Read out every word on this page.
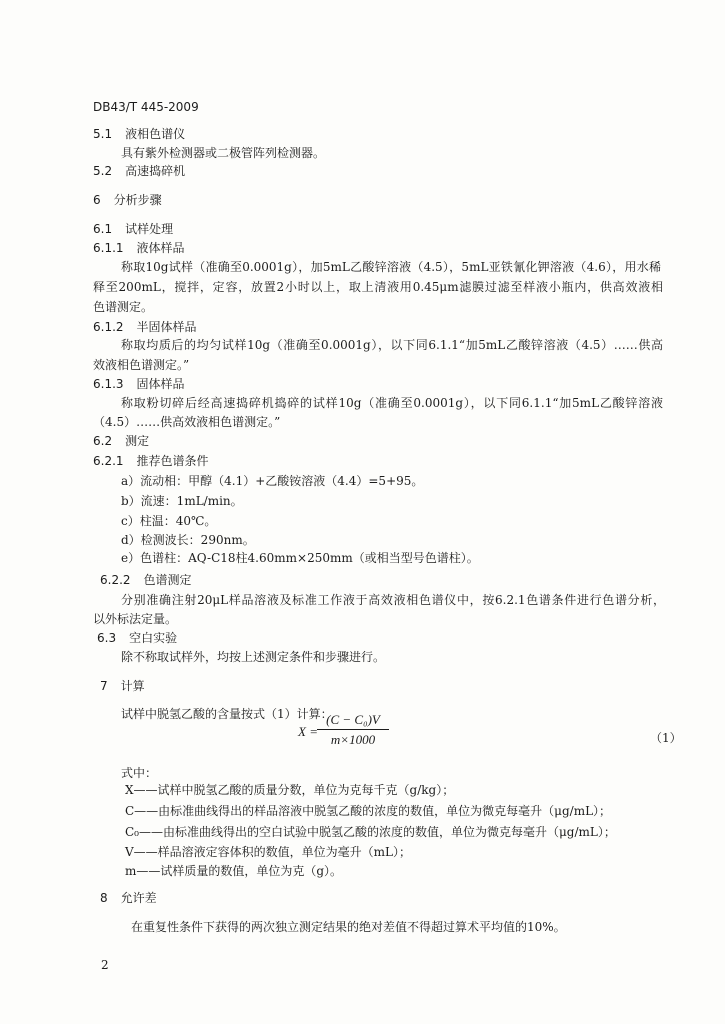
DB43/T 445-2009
5.1 液相色谱仪
具有紫外检测器或二极管阵列检测器。
5.2 高速捣碎机
6 分析步骤
6.1 试样处理
6.1.1 液体样品
称取10g试样（准确至0.0001g），加5mL乙酸锌溶液（4.5），5mL亚铁氰化钾溶液（4.6），用水稀
释至200mL，搅拌，定容，放置2小时以上，取上清液用0.45μm滤膜过滤至样液小瓶内，供高效液相
色谱测定。
6.1.2 半固体样品
称取均质后的均匀试样10g（准确至0.0001g），以下同6.1.1“加5mL乙酸锌溶液（4.5）……供高
效液相色谱测定。”
6.1.3 固体样品
称取粉切碎后经高速捣碎机捣碎的试样10g（准确至0.0001g），以下同6.1.1“加5mL乙酸锌溶液
（4.5）……供高效液相色谱测定。”
6.2 测定
6.2.1 推荐色谱条件
a）流动相：甲醇（4.1）+乙酸铵溶液（4.4）=5+95。
b）流速：1mL/min。
c）柱温：40℃。
d）检测波长：290nm。
e）色谱柱：AQ-C18柱4.60mm×250mm（或相当型号色谱柱）。
6.2.2 色谱测定
分别准确注射20μL样品溶液及标准工作液于高效液相色谱仪中，按6.2.1色谱条件进行色谱分析，
以外标法定量。
6.3 空白实验
除不称取试样外，均按上述测定条件和步骤进行。
7 计算
试样中脱氢乙酸的含量按式（1）计算：
式中：
X——试样中脱氢乙酸的质量分数，单位为克每千克（g/kg）；
C——由标准曲线得出的样品溶液中脱氢乙酸的浓度的数值，单位为微克每毫升（μg/mL）；
C₀——由标准曲线得出的空白试验中脱氢乙酸的浓度的数值，单位为微克每毫升（μg/mL）；
V——样品溶液定容体积的数值，单位为毫升（mL）；
m——试样质量的数值，单位为克（g）。
8 允许差
在重复性条件下获得的两次独立测定结果的绝对差值不得超过算术平均值的10%。
X =
(C − C₀)V
m×1000	（1）
2
